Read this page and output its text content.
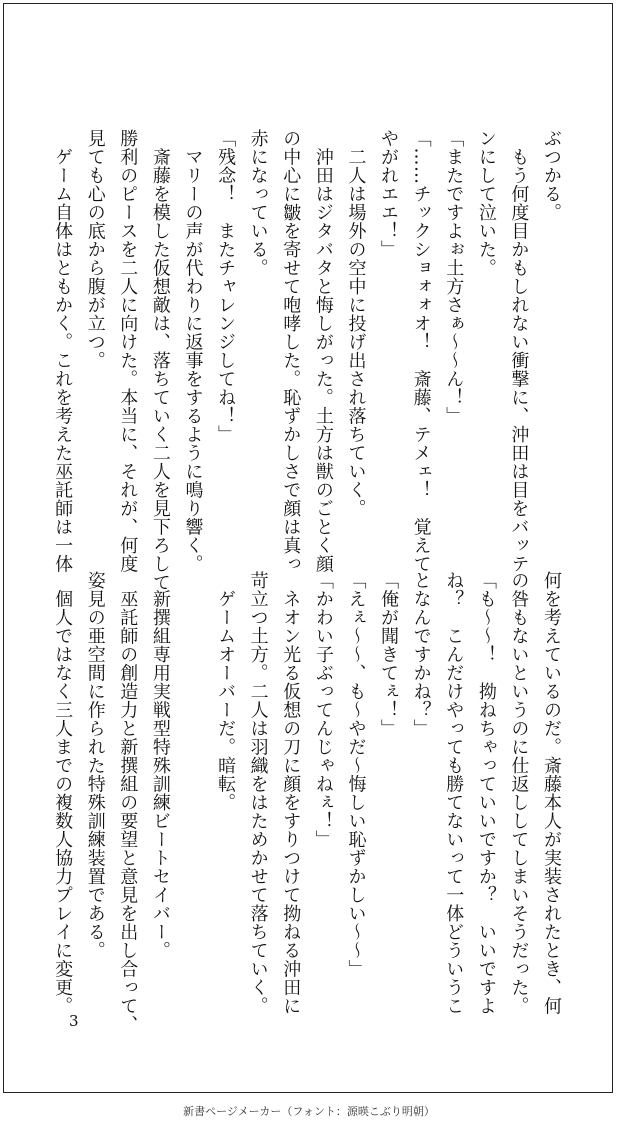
ぶつかる。
　もう何度目かもしれない衝撃に、沖田は目をバッテ
ンにして泣いた。
「またですよぉ土方さぁ〜〜ん！」
「……チックショォォオ！　斎藤、テメェ！　覚えて
やがれエエ！」
　二人は場外の空中に投げ出され落ちていく。
　沖田はジタバタと悔しがった。土方は獣のごとく顔
の中心に皺を寄せて咆哮した。恥ずかしさで顔は真っ
赤になっている。
「残念！　またチャレンジしてね！」
　マリーの声が代わりに返事をするように鳴り響く。
　斎藤を模した仮想敵は、落ちていく二人を見下ろして
勝利のピースを二人に向けた。本当に、それが、何度
見ても心の底から腹が立つ。
　ゲーム自体はともかく。これを考えた巫託師は一体
何を考えているのだ。斎藤本人が実装されたとき、何
の咎もないというのに仕返ししてしまいそうだった。
「も〜〜！　拗ねちゃっていいですか？　いいですよ
ね？　こんだけやっても勝てないって一体どういうこ
となんですかね？」
「俺が聞きてぇ！」
「えぇ〜〜、も〜やだ〜悔しい恥ずかしい〜〜」
「かわい子ぶってんじゃねぇ！」
　ネオン光る仮想の刀に顔をすりつけて拗ねる沖田に
苛立つ土方。二人は羽織をはためかせて落ちていく。
　ゲームオーバーだ。暗転。
　新撰組専用実戦型特殊訓練ビートセイバー。
　巫託師の創造力と新撰組の要望と意見を出し合って、
姿見の亜空間に作られた特殊訓練装置である。
　個人ではなく三人までの複数人協力プレイに変更。
3
新書ページメーカー（フォント：源暎こぶり明朝）
